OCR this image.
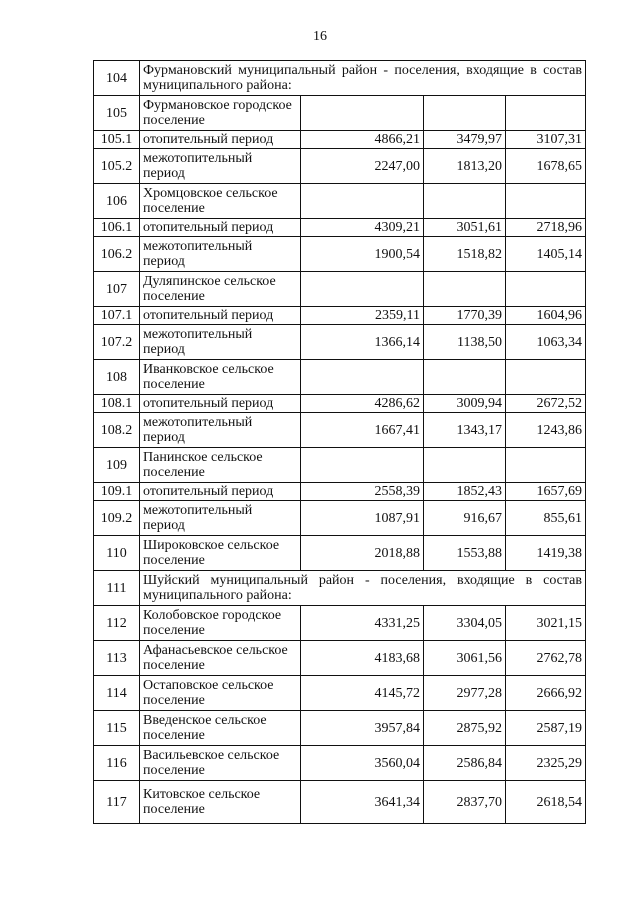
16
104	Фурмановский муниципальный район - поселения, входящие в состав муниципального района:			
105	Фурмановское городское поселение			
105.1	отопительный период	4866,21	3479,97	3107,31
105.2	межотопительный период	2247,00	1813,20	1678,65
106	Хромцовское сельское поселение			
106.1	отопительный период	4309,21	3051,61	2718,96
106.2	межотопительный период	1900,54	1518,82	1405,14
107	Дуляпинское сельское поселение			
107.1	отопительный период	2359,11	1770,39	1604,96
107.2	межотопительный период	1366,14	1138,50	1063,34
108	Иванковское сельское поселение			
108.1	отопительный период	4286,62	3009,94	2672,52
108.2	межотопительный период	1667,41	1343,17	1243,86
109	Панинское сельское поселение			
109.1	отопительный период	2558,39	1852,43	1657,69
109.2	межотопительный период	1087,91	916,67	855,61
110	Широковское сельское поселение	2018,88	1553,88	1419,38
111	Шуйский муниципальный район - поселения, входящие в состав муниципального района:			
112	Колобовское городское поселение	4331,25	3304,05	3021,15
113	Афанасьевское сельское поселение	4183,68	3061,56	2762,78
114	Остаповское сельское поселение	4145,72	2977,28	2666,92
115	Введенское сельское поселение	3957,84	2875,92	2587,19
116	Васильевское сельское поселение	3560,04	2586,84	2325,29
117	Китовское сельское поселение	3641,34	2837,70	2618,54
